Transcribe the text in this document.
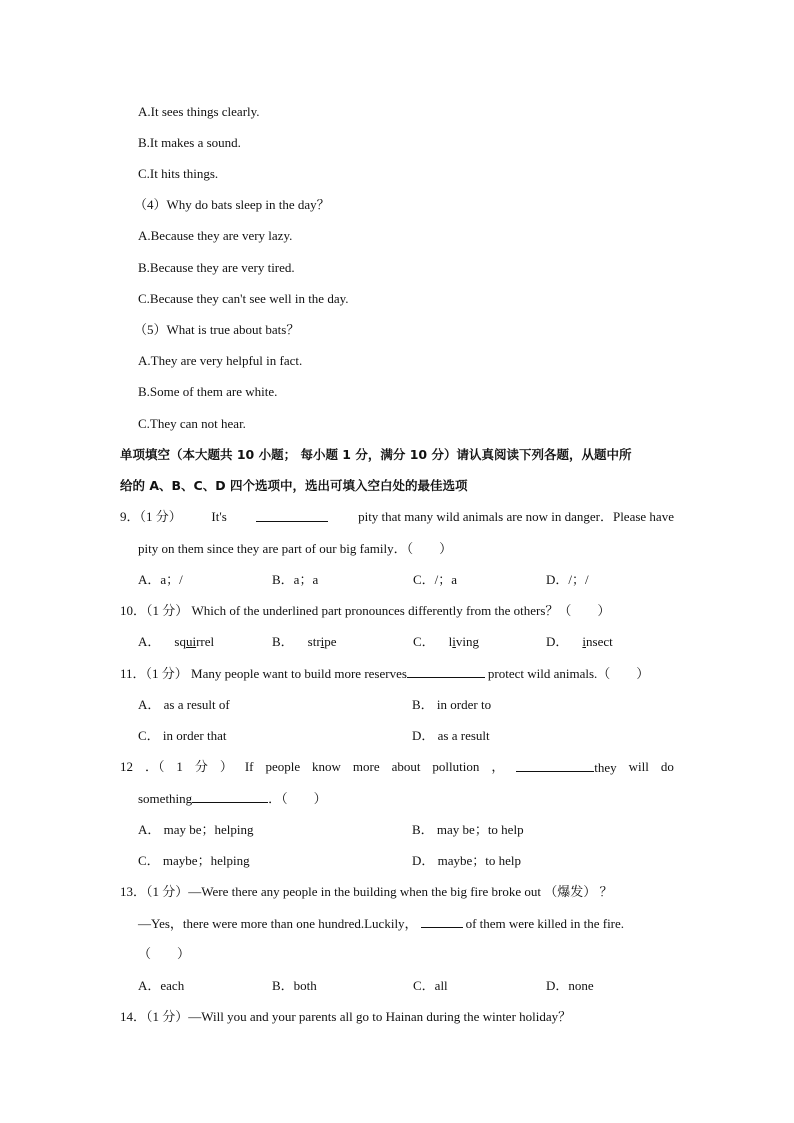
A.It sees things clearly.
B.It makes a sound.
C.It hits things.
（4）Why do bats sleep in the day？
A.Because they are very lazy.
B.Because they are very tired.
C.Because they can't see well in the day.
（5）What is true about bats？
A.They are very helpful in fact.
B.Some of them are white.
C.They can not hear.
单项填空（本大题共 10 小题； 每小题 1 分，满分 10 分）请认真阅读下列各题，从题中所
给的 A、B、C、D 四个选项中，选出可填入空白处的最佳选项
9．（1 分） It's	pity that many wild animals are now in danger．Please have
pity on them since they are part of our big family．（　　）
A．a；/	B．a；a	C．/；a	D．/；/
10．（1 分） Which of the underlined part pronounces differently from the others？（　　）
A． squirrel	B． stripe	C． living	D． insect
11．（1 分） Many people want to build more reserves	protect wild animals.（　　）
A． as a result of	B． in order to
C． in order that	D． as a result
12 ．（ 1 分 ） If people know more about pollution ，	they will do
something	．（　　）
A． may be；helping	B． may be；to help
C． maybe；helping	D． maybe；to help
13．（1 分）—Were there any people in the building when the big fire broke out （爆发） ？
—Yes，there were more than one hundred.Luckily，	of them were killed in the fire.
（　　）
A．each	B．both	C．all	D．none
14．（1 分）—Will you and your parents all go to Hainan during the winter holiday？
